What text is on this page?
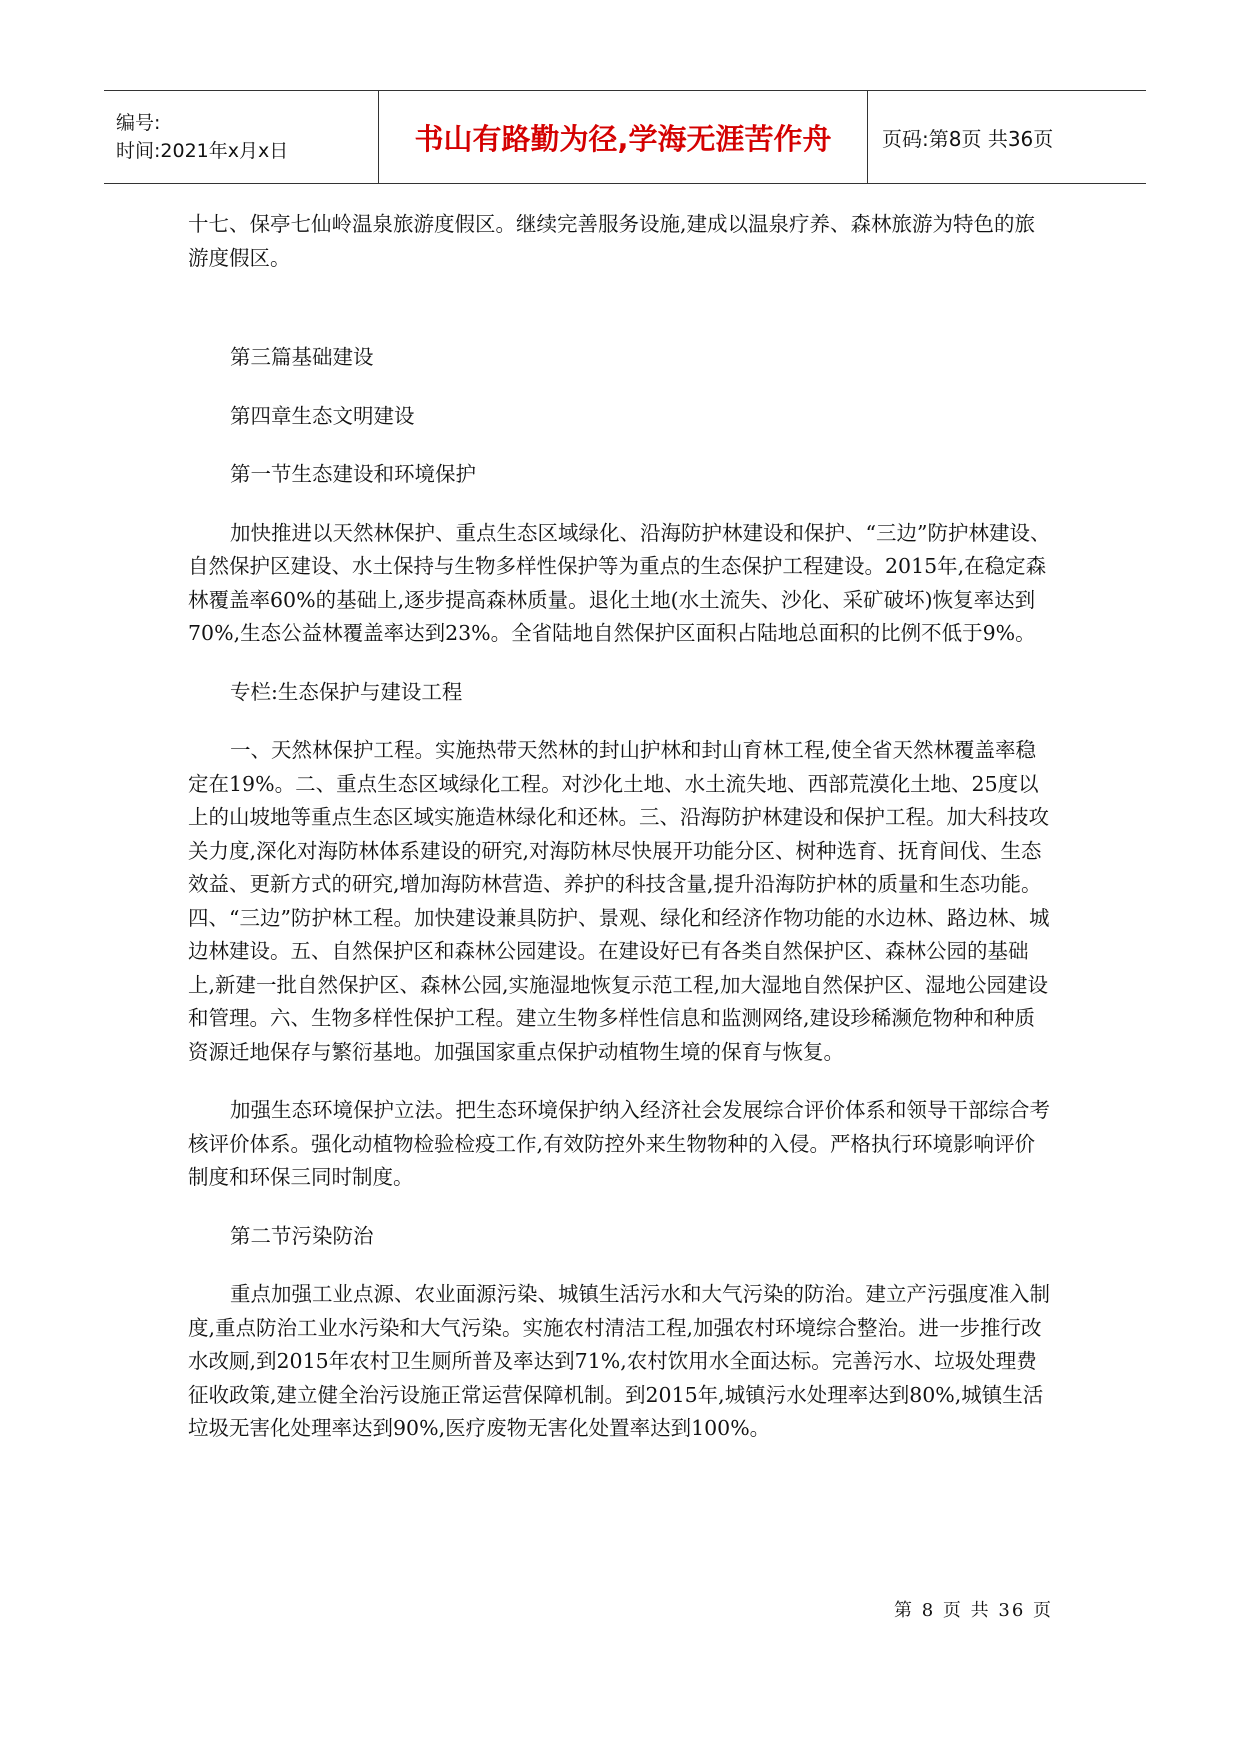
编号:
时间:2021年x月x日	书山有路勤为径,学海无涯苦作舟	页码:第8页 共36页

十七、保亭七仙岭温泉旅游度假区。继续完善服务设施,建成以温泉疗养、森林旅游为特色的旅游度假区。

第三篇基础建设

第四章生态文明建设

第一节生态建设和环境保护

加快推进以天然林保护、重点生态区域绿化、沿海防护林建设和保护、“三边”防护林建设、自然保护区建设、水土保持与生物多样性保护等为重点的生态保护工程建设。2015年,在稳定森林覆盖率60%的基础上,逐步提高森林质量。退化土地(水土流失、沙化、采矿破坏)恢复率达到70%,生态公益林覆盖率达到23%。全省陆地自然保护区面积占陆地总面积的比例不低于9%。

专栏:生态保护与建设工程

一、天然林保护工程。实施热带天然林的封山护林和封山育林工程,使全省天然林覆盖率稳定在19%。二、重点生态区域绿化工程。对沙化土地、水土流失地、西部荒漠化土地、25度以上的山坡地等重点生态区域实施造林绿化和还林。三、沿海防护林建设和保护工程。加大科技攻关力度,深化对海防林体系建设的研究,对海防林尽快展开功能分区、树种选育、抚育间伐、生态效益、更新方式的研究,增加海防林营造、养护的科技含量,提升沿海防护林的质量和生态功能。四、“三边”防护林工程。加快建设兼具防护、景观、绿化和经济作物功能的水边林、路边林、城边林建设。五、自然保护区和森林公园建设。在建设好已有各类自然保护区、森林公园的基础上,新建一批自然保护区、森林公园,实施湿地恢复示范工程,加大湿地自然保护区、湿地公园建设和管理。六、生物多样性保护工程。建立生物多样性信息和监测网络,建设珍稀濒危物种和种质资源迁地保存与繁衍基地。加强国家重点保护动植物生境的保育与恢复。

加强生态环境保护立法。把生态环境保护纳入经济社会发展综合评价体系和领导干部综合考核评价体系。强化动植物检验检疫工作,有效防控外来生物物种的入侵。严格执行环境影响评价制度和环保三同时制度。

第二节污染防治

重点加强工业点源、农业面源污染、城镇生活污水和大气污染的防治。建立产污强度准入制度,重点防治工业水污染和大气污染。实施农村清洁工程,加强农村环境综合整治。进一步推行改水改厕,到2015年农村卫生厕所普及率达到71%,农村饮用水全面达标。完善污水、垃圾处理费征收政策,建立健全治污设施正常运营保障机制。到2015年,城镇污水处理率达到80%,城镇生活垃圾无害化处理率达到90%,医疗废物无害化处置率达到100%。

第 8 页 共 36 页
